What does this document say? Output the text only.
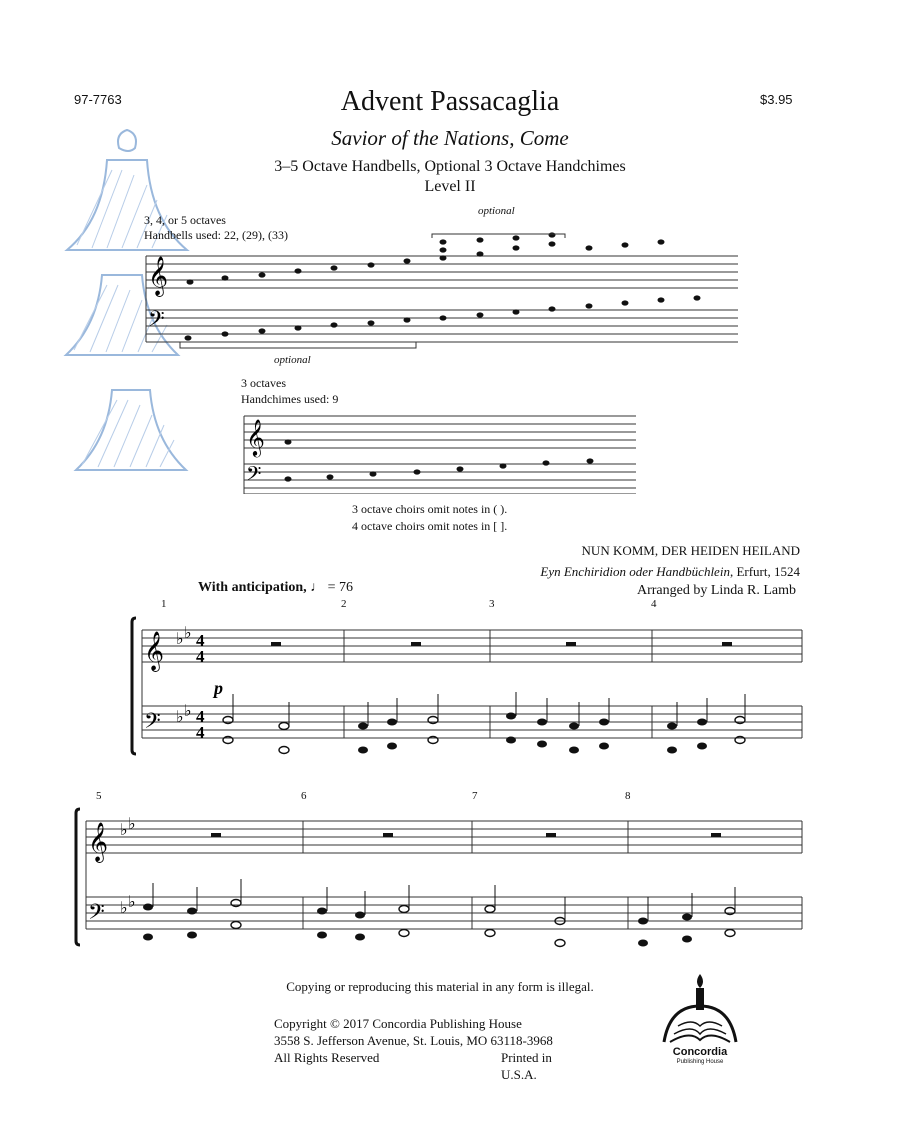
97-7763	$3.95
Advent Passacaglia
Savior of the Nations, Come
3–5 Octave Handbells, Optional 3 Octave Handchimes
Level II
3, 4, or 5 octaves
Handbells used: 22, (29), (33)
optional
optional
3 octaves
Handchimes used: 9
3 octave choirs omit notes in ( ).
4 octave choirs omit notes in [ ].
𝄞
𝄢
𝄞
𝄢
NUN KOMM, DER HEIDEN HEILAND
Eyn Enchiridion oder Handbüchlein, Erfurt, 1524
Arranged by Linda R. Lamb
With anticipation, ♩ = 76
1	2	3	4
5	6	7	8
𝄞
𝄢
♭ ♭
♭ ♭
4
4
4
4
p
𝄞
𝄢
♭ ♭
♭ ♭
Copying or reproducing this material in any form is illegal.
Copyright © 2017 Concordia Publishing House
3558 S. Jefferson Avenue, St. Louis, MO 63118-3968
All Rights Reserved	Printed in U.S.A.
Concordia
Publishing House
